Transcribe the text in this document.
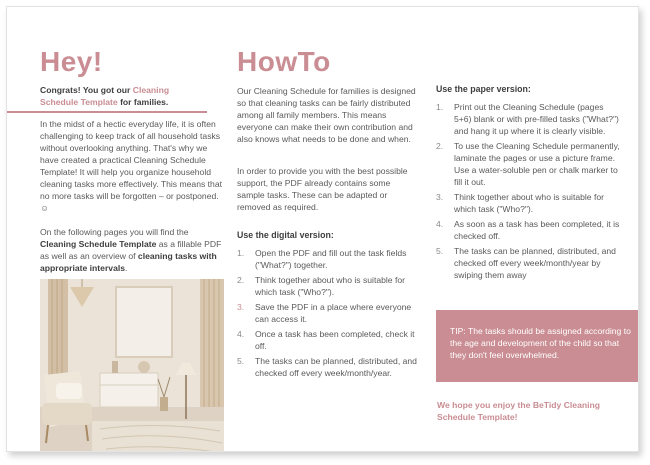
Hey!
Congrats! You got our Cleaning Schedule Template for families.

In the midst of a hectic everyday life, it is often challenging to keep track of all household tasks without overlooking anything. That's why we have created a practical Cleaning Schedule Template! It will help you organize household cleaning tasks more effectively. This means that no more tasks will be forgotten – or postponed. ☺

On the following pages you will find the Cleaning Schedule Template as a fillable PDF as well as an overview of cleaning tasks with appropriate intervals.

HowTo

Our Cleaning Schedule for families is designed so that cleaning tasks can be fairly distributed among all family members. This means everyone can make their own contribution and also knows what needs to be done and when.

In order to provide you with the best possible support, the PDF already contains some sample tasks. These can be adapted or removed as required.

Use the digital version:
1. Open the PDF and fill out the task fields ("What?") together.
2. Think together about who is suitable for which task ("Who?").
3. Save the PDF in a place where everyone can access it.
4. Once a task has been completed, check it off.
5. The tasks can be planned, distributed, and checked off every week/month/year.
Use the paper version:
1. Print out the Cleaning Schedule (pages 5+6) blank or with pre-filled tasks ("What?") and hang it up where it is clearly visible.
2. To use the Cleaning Schedule permanently, laminate the pages or use a picture frame. Use a water-soluble pen or chalk marker to fill it out.
3. Think together about who is suitable for which task ("Who?").
4. As soon as a task has been completed, it is checked off.
5. The tasks can be planned, distributed, and checked off every week/month/year by swiping them away
TIP: The tasks should be assigned according to the age and development of the child so that they don't feel overwhelmed.
We hope you enjoy the BeTidy Cleaning Schedule Template!
